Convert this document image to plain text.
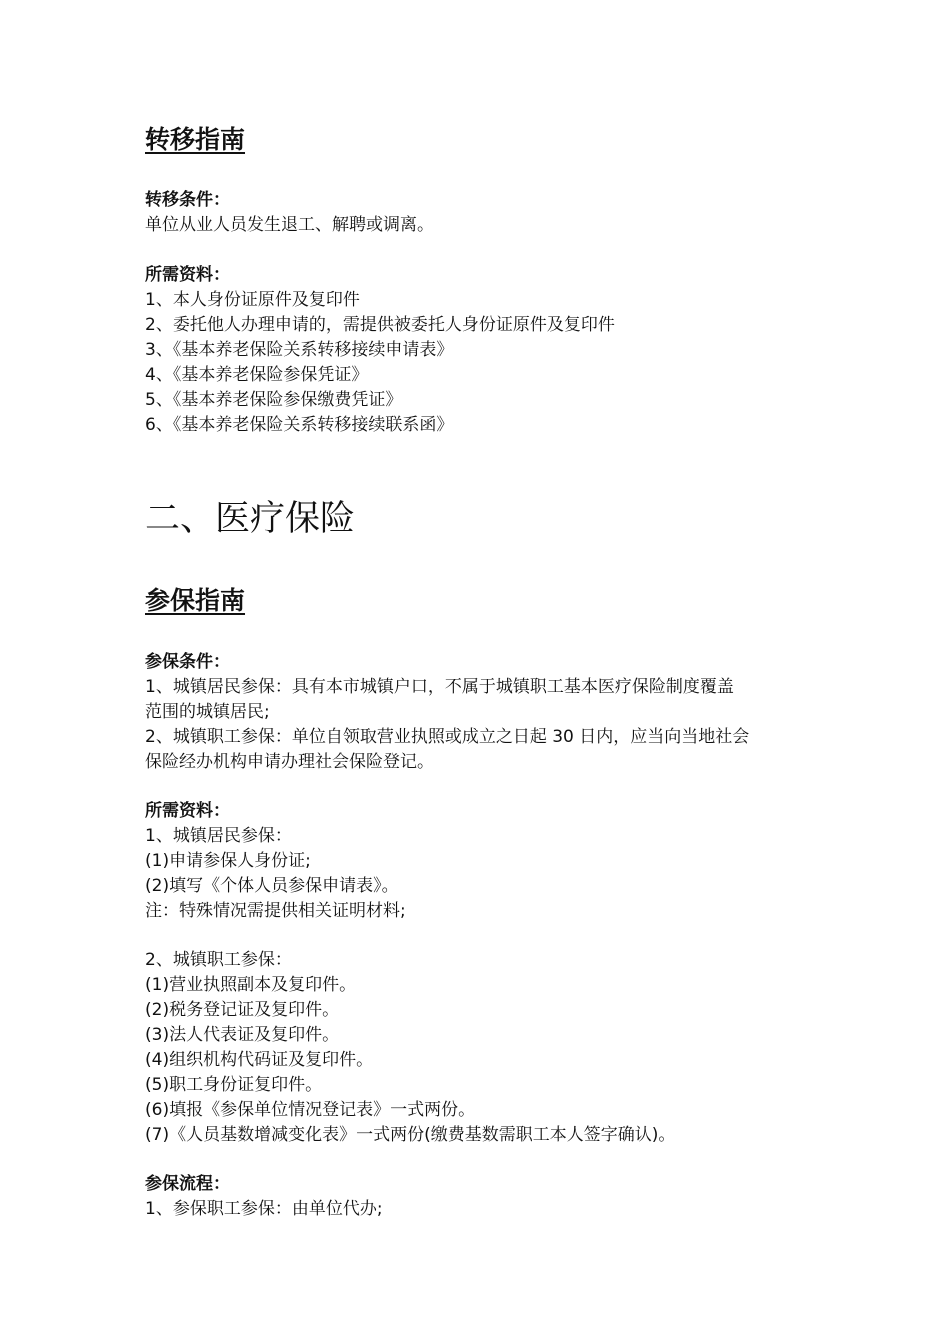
转移指南

转移条件：

单位从业人员发生退工、解聘或调离。

所需资料：

1、本人身份证原件及复印件

2、委托他人办理申请的，需提供被委托人身份证原件及复印件

3、《基本养老保险关系转移接续申请表》

4、《基本养老保险参保凭证》

5、《基本养老保险参保缴费凭证》

6、《基本养老保险关系转移接续联系函》

二、医疗保险
参保指南

参保条件：

1、城镇居民参保：具有本市城镇户口，不属于城镇职工基本医疗保险制度覆盖

范围的城镇居民;

2、城镇职工参保：单位自领取营业执照或成立之日起 30 日内，应当向当地社会

保险经办机构申请办理社会保险登记。

所需资料：

1、城镇居民参保：

(1)申请参保人身份证;

(2)填写《个体人员参保申请表》。

注：特殊情况需提供相关证明材料;

2、城镇职工参保：

(1)营业执照副本及复印件。

(2)税务登记证及复印件。

(3)法人代表证及复印件。

(4)组织机构代码证及复印件。

(5)职工身份证复印件。

(6)填报《参保单位情况登记表》一式两份。

(7)《人员基数增减变化表》一式两份(缴费基数需职工本人签字确认)。

参保流程：

1、参保职工参保：由单位代办;
